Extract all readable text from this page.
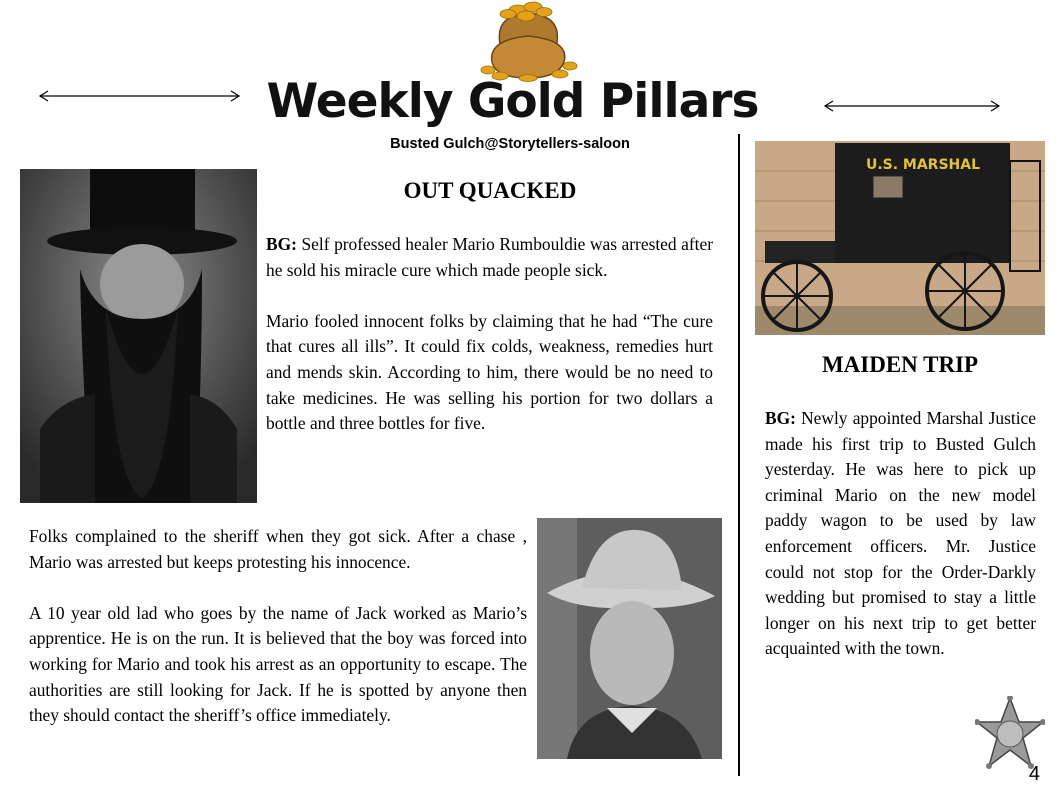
Weekly Gold Pillars
Busted Gulch@Storytellers-saloon
OUT QUACKED

BG: Self professed healer Mario Rumbouldie was arrested after he sold his miracle cure which made people sick.

Mario fooled innocent folks by claiming that he had “The cure that cures all ills”. It could fix colds, weakness, remedies hurt and mends skin. According to him, there would be no need to take medicines. He was selling his portion for two dollars a bottle and three bottles for five.

Folks complained to the sheriff when they got sick. After a chase , Mario was arrested but keeps protesting his innocence.

A 10 year old lad who goes by the name of Jack worked as Mario’s apprentice. He is on the run. It is believed that the boy was forced into working for Mario and took his arrest as an opportunity to escape. The authorities are still looking for Jack. If he is spotted by anyone then they should contact the sheriff’s office immediately.

U.S. MARSHAL
MAIDEN TRIP

BG: Newly appointed Marshal Justice made his first trip to Busted Gulch yesterday. He was here to pick up criminal Mario on the new model paddy wagon to be used by law enforcement officers. Mr. Justice could not stop for the Order-Darkly wedding but promised to stay a little longer on his next trip to get better acquainted with the town.

4
